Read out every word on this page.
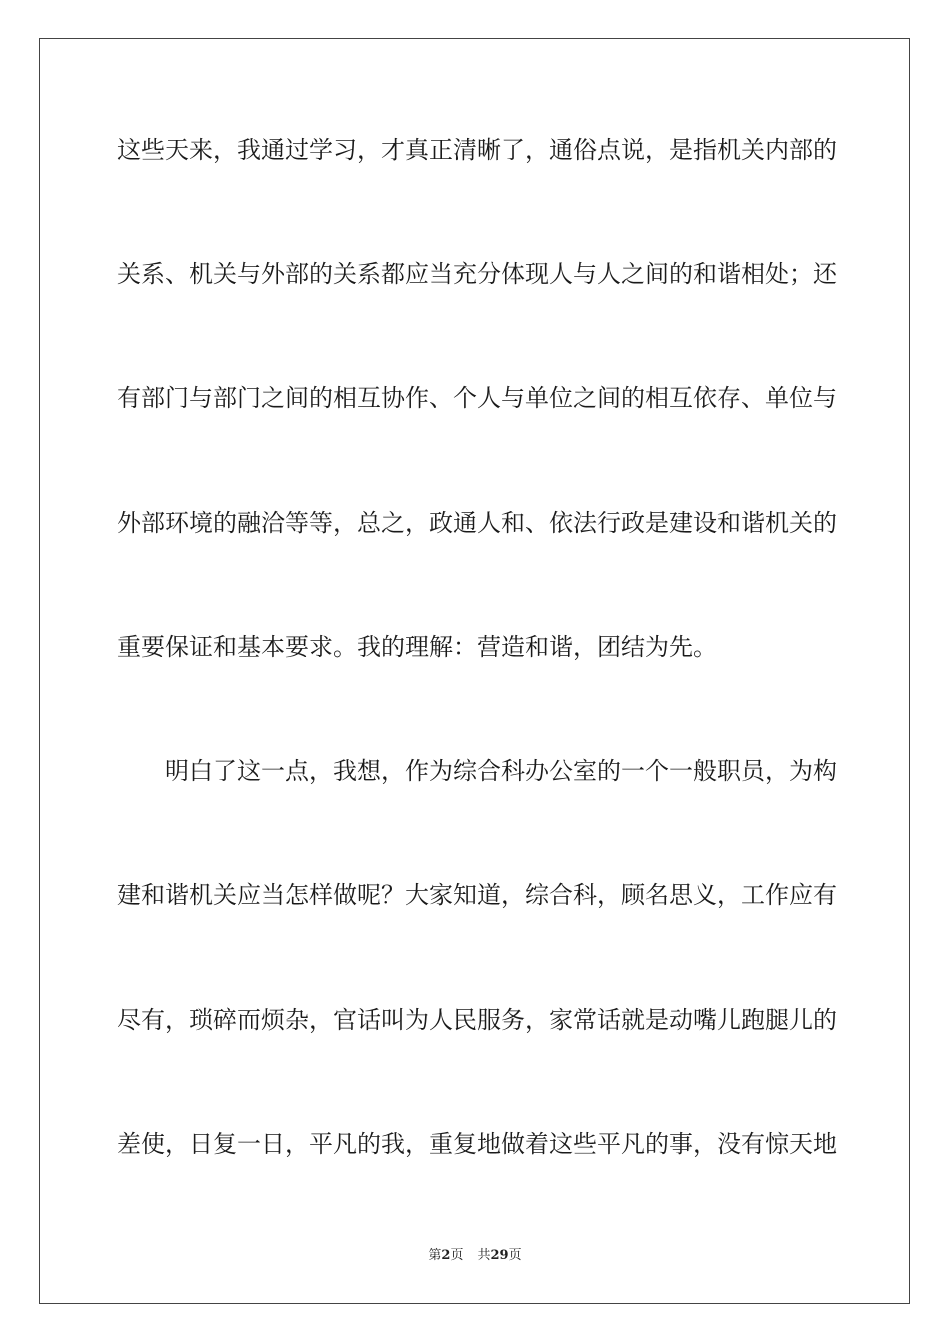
这些天来，我通过学习，才真正清晰了，通俗点说，是指机关内部的
关系、机关与外部的关系都应当充分体现人与人之间的和谐相处；还
有部门与部门之间的相互协作、个人与单位之间的相互依存、单位与
外部环境的融洽等等，总之，政通人和、依法行政是建设和谐机关的
重要保证和基本要求。我的理解：营造和谐，团结为先。
明白了这一点，我想，作为综合科办公室的一个一般职员，为构
建和谐机关应当怎样做呢？大家知道，综合科，顾名思义，工作应有
尽有，琐碎而烦杂，官话叫为人民服务，家常话就是动嘴儿跑腿儿的
差使，日复一日，平凡的我，重复地做着这些平凡的事，没有惊天地
第2页 共29页
